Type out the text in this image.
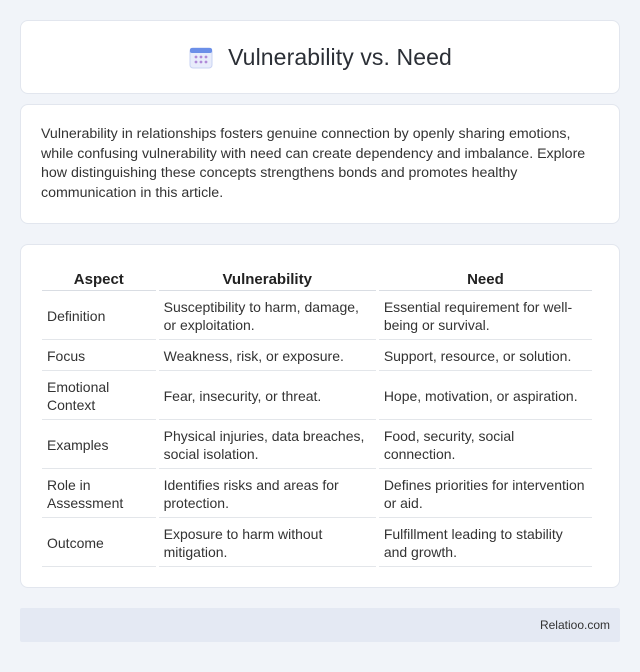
Vulnerability vs. Need

Vulnerability in relationships fosters genuine connection by openly sharing emotions, while confusing vulnerability with need can create dependency and imbalance. Explore how distinguishing these concepts strengthens bonds and promotes healthy communication in this article.

Aspect	Vulnerability	Need
Definition	Susceptibility to harm, damage, or exploitation.	Essential requirement for well-being or survival.
Focus	Weakness, risk, or exposure.	Support, resource, or solution.
Emotional Context	Fear, insecurity, or threat.	Hope, motivation, or aspiration.
Examples	Physical injuries, data breaches, social isolation.	Food, security, social connection.
Role in Assessment	Identifies risks and areas for protection.	Defines priorities for intervention or aid.
Outcome	Exposure to harm without mitigation.	Fulfillment leading to stability and growth.
Relatioo.com
